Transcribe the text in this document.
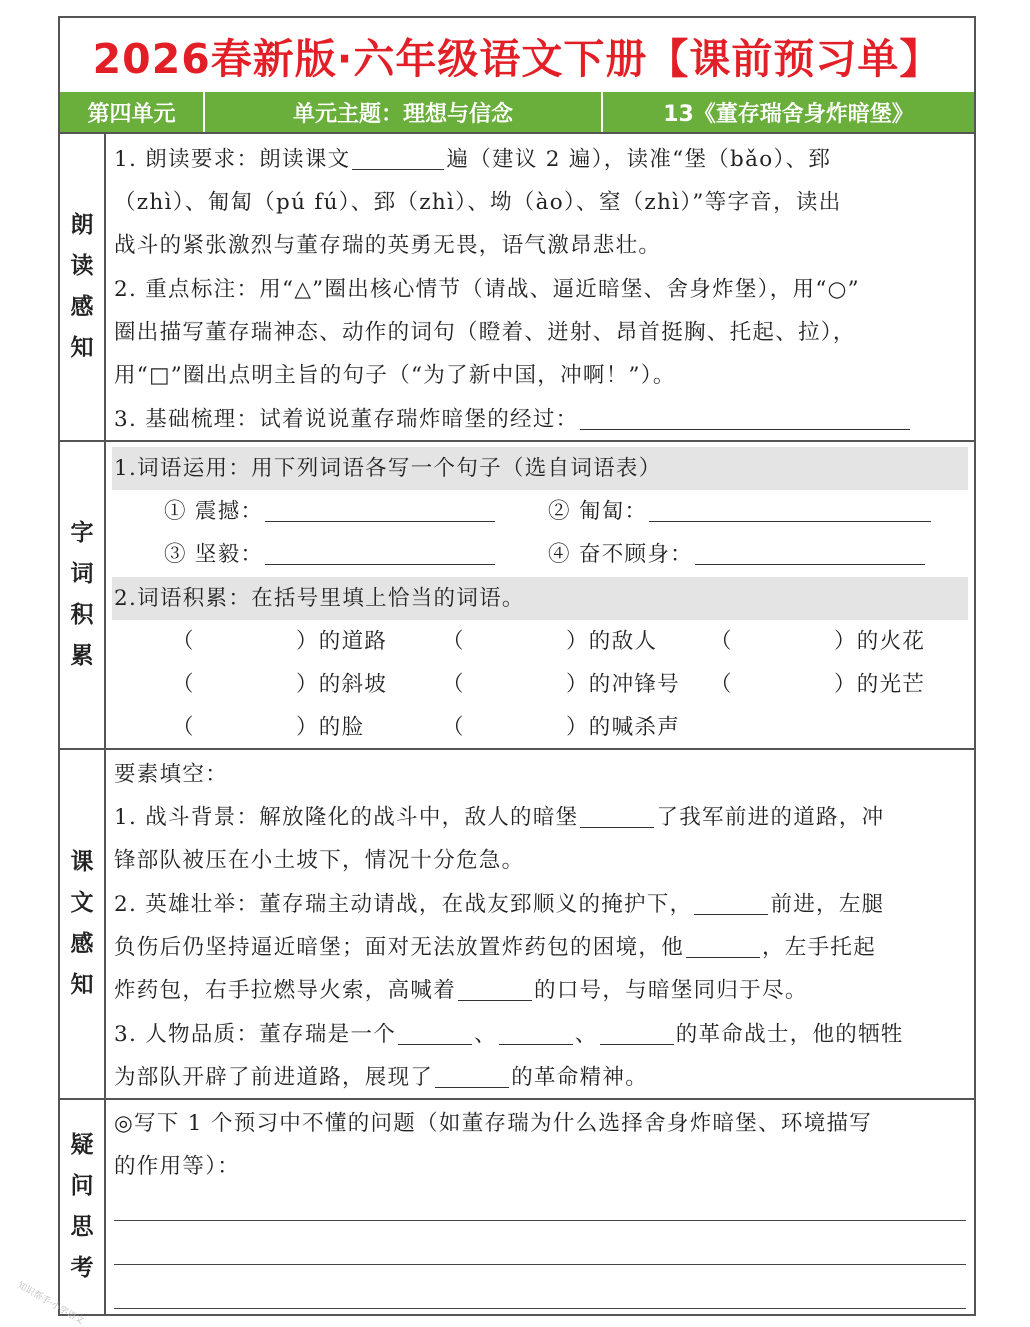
2026春新版·六年级语文下册【课前预习单】
第四单元	单元主题：理想与信念	13《董存瑞舍身炸暗堡》
朗
读
感
知
1. 朗读要求：朗读课文	遍（建议 2 遍），读准“堡（bǎo）、郅
（zhì）、匍匐（pú fú）、郅（zhì）、坳（ào）、窒（zhì）”等字音，读出
战斗的紧张激烈与董存瑞的英勇无畏，语气激昂悲壮。
2. 重点标注：用“△”圈出核心情节（请战、逼近暗堡、舍身炸堡），用“○”
圈出描写董存瑞神态、动作的词句（瞪着、迸射、昂首挺胸、托起、拉），
用“□”圈出点明主旨的句子（“为了新中国，冲啊！”）。
3. 基础梳理：试着说说董存瑞炸暗堡的经过：
字
词
积
累
1.词语运用：用下列词语各写一个句子（选自词语表）
① 震撼：	② 匍匐：
③ 坚毅：	④ 奋不顾身：
2.词语积累：在括号里填上恰当的词语。
（	）的道路	（	）的敌人 （	）的火花
（	）的斜坡	（	）的冲锋号 （	）的光芒
（	）的脸	（	）的喊杀声
课
文
感
知
要素填空：
1. 战斗背景：解放隆化的战斗中，敌人的暗堡	了我军前进的道路，冲
锋部队被压在小土坡下，情况十分危急。
2. 英雄壮举：董存瑞主动请战，在战友郅顺义的掩护下，	前进，左腿
负伤后仍坚持逼近暗堡；面对无法放置炸药包的困境，他	，左手托起
炸药包，右手拉燃导火索，高喊着	的口号，与暗堡同归于尽。
3. 人物品质：董存瑞是一个	、	、	的革命战士，他的牺牲
为部队开辟了前进道路，展现了	的革命精神。
疑
问
思
考
◎写下 1 个预习中不懂的问题（如董存瑞为什么选择舍身炸暗堡、环境描写
的作用等）：
知识帮手·小学语文
